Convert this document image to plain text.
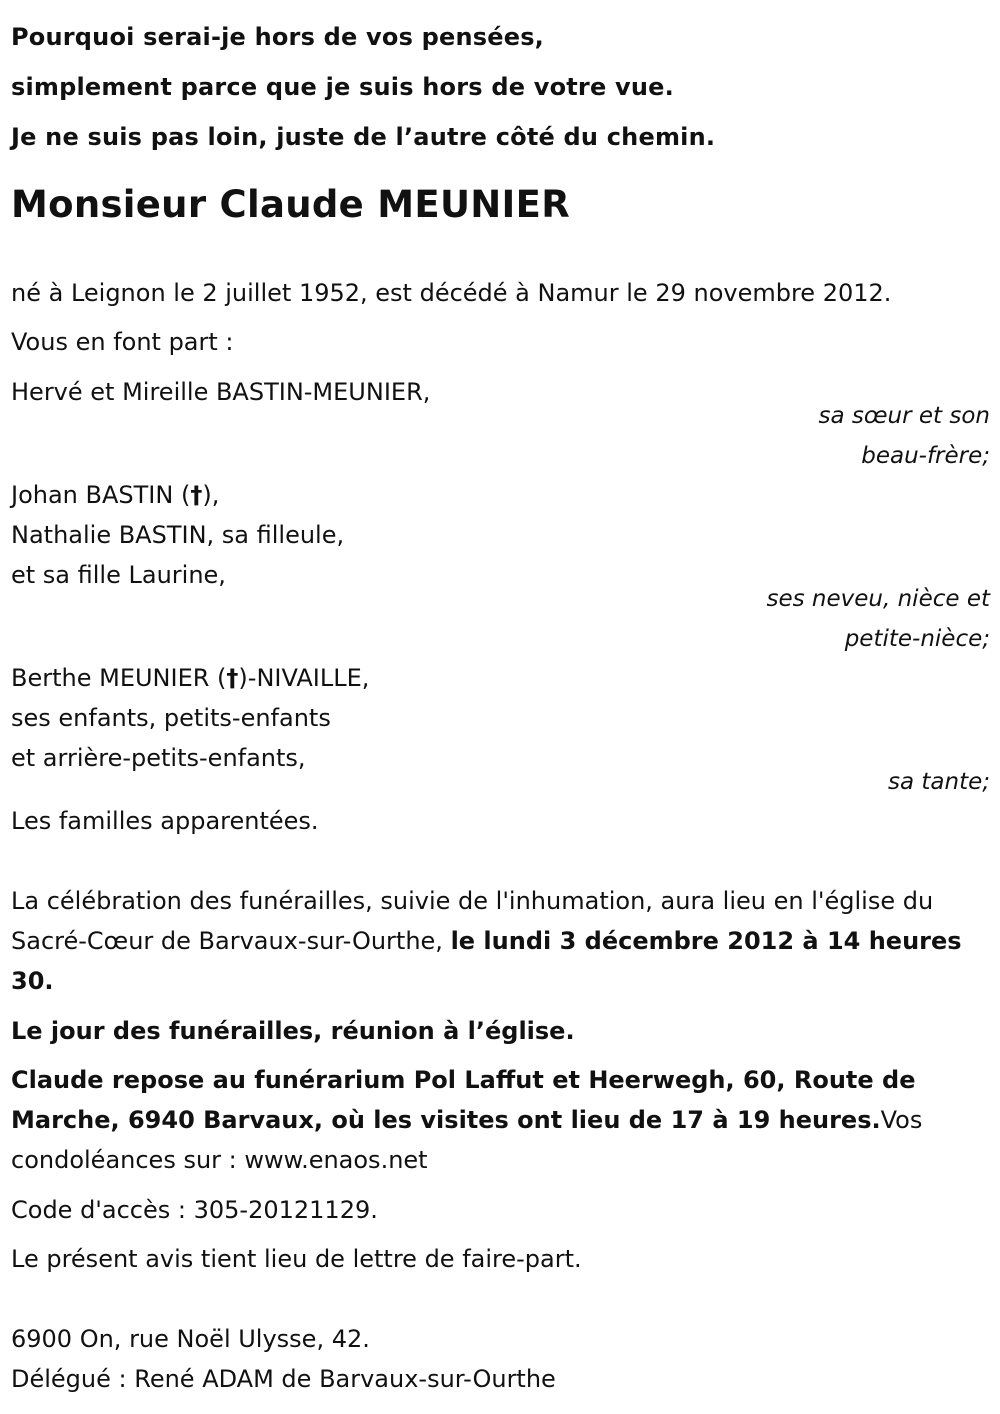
Pourquoi serai-je hors de vos pensées,
simplement parce que je suis hors de votre vue.
Je ne suis pas loin, juste de l’autre côté du chemin.
Monsieur Claude MEUNIER
né à Leignon le 2 juillet 1952, est décédé à Namur le 29 novembre 2012.
Vous en font part :
Hervé et Mireille BASTIN-MEUNIER,
sa sœur et son
beau-frère;
Johan BASTIN (†),
Nathalie BASTIN, sa filleule,
et sa fille Laurine,
ses neveu, nièce et
petite-nièce;
Berthe MEUNIER (†)-NIVAILLE,
ses enfants, petits-enfants
et arrière-petits-enfants,
sa tante;
Les familles apparentées.
La célébration des funérailles, suivie de l'inhumation, aura lieu en l'église du Sacré-Cœur de Barvaux-sur-Ourthe, le lundi 3 décembre 2012 à 14 heures 30.
Le jour des funérailles, réunion à l’église.
Claude repose au funérarium Pol Laffut et Heerwegh, 60, Route de Marche, 6940 Barvaux, où les visites ont lieu de 17 à 19 heures.Vos condoléances sur : www.enaos.net
Code d'accès : 305-20121129.
Le présent avis tient lieu de lettre de faire-part.
6900 On, rue Noël Ulysse, 42.
Délégué : René ADAM de Barvaux-sur-Ourthe
